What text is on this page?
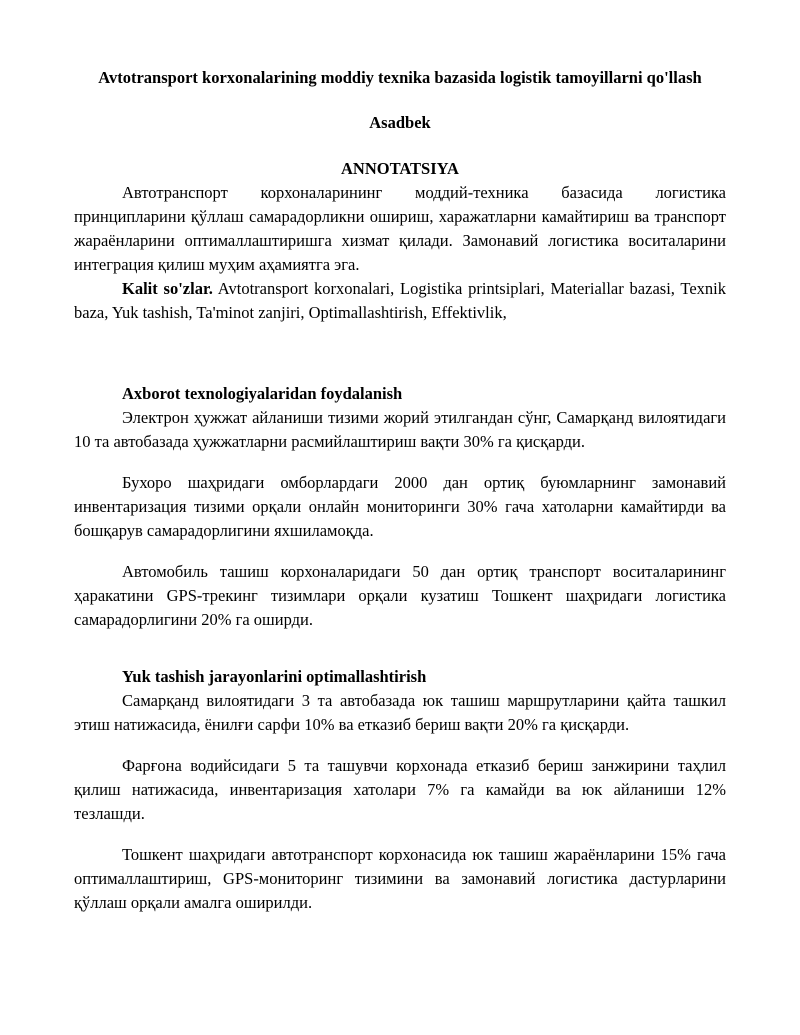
Avtotransport korxonalarining moddiy texnika bazasida logistik tamoyillarni qo'llash
Asadbek
ANNOTATSIYA

Автотранспорт корхоналарининг моддий-техника базасида логистика принципларини қўллаш самарадорликни ошириш, харажатларни камайтириш ва транспорт жараёнларини оптималлаштиришга хизмат қилади. Замонавий логистика воситаларини интеграция қилиш муҳим аҳамиятга эга.

Kalit so'zlar. Avtotransport korxonalari, Logistika printsiplari, Materiallar bazasi, Texnik baza, Yuk tashish, Ta'minot zanjiri, Optimallashtirish, Effektivlik,

Axborot texnologiyalaridan foydalanish

Электрон ҳужжат айланиши тизими жорий этилгандан сўнг, Самарқанд вилоятидаги 10 та автобазада ҳужжатларни расмийлаштириш вақти 30% га қисқарди.

Бухоро шаҳридаги омборлардаги 2000 дан ортиқ буюмларнинг замонавий инвентаризация тизими орқали онлайн мониторинги 30% гача хатоларни камайтирди ва бошқарув самарадорлигини яхшиламоқда.

Автомобиль ташиш корхоналаридаги 50 дан ортиқ транспорт воситаларининг ҳаракатини GPS-трекинг тизимлари орқали кузатиш Тошкент шаҳридаги логистика самарадорлигини 20% га оширди.

Yuk tashish jarayonlarini optimallashtirish

Самарқанд вилоятидаги 3 та автобазада юк ташиш маршрутларини қайта ташкил этиш натижасида, ёнилғи сарфи 10% ва етказиб бериш вақти 20% га қисқарди.

Фарғона водийсидаги 5 та ташувчи корхонада етказиб бериш занжирини таҳлил қилиш натижасида, инвентаризация хатолари 7% га камайди ва юк айланиши 12% тезлашди.

Тошкент шаҳридаги автотранспорт корхонасида юк ташиш жараёнларини 15% гача оптималлаштириш, GPS-мониторинг тизимини ва замонавий логистика дастурларини қўллаш орқали амалга оширилди.
